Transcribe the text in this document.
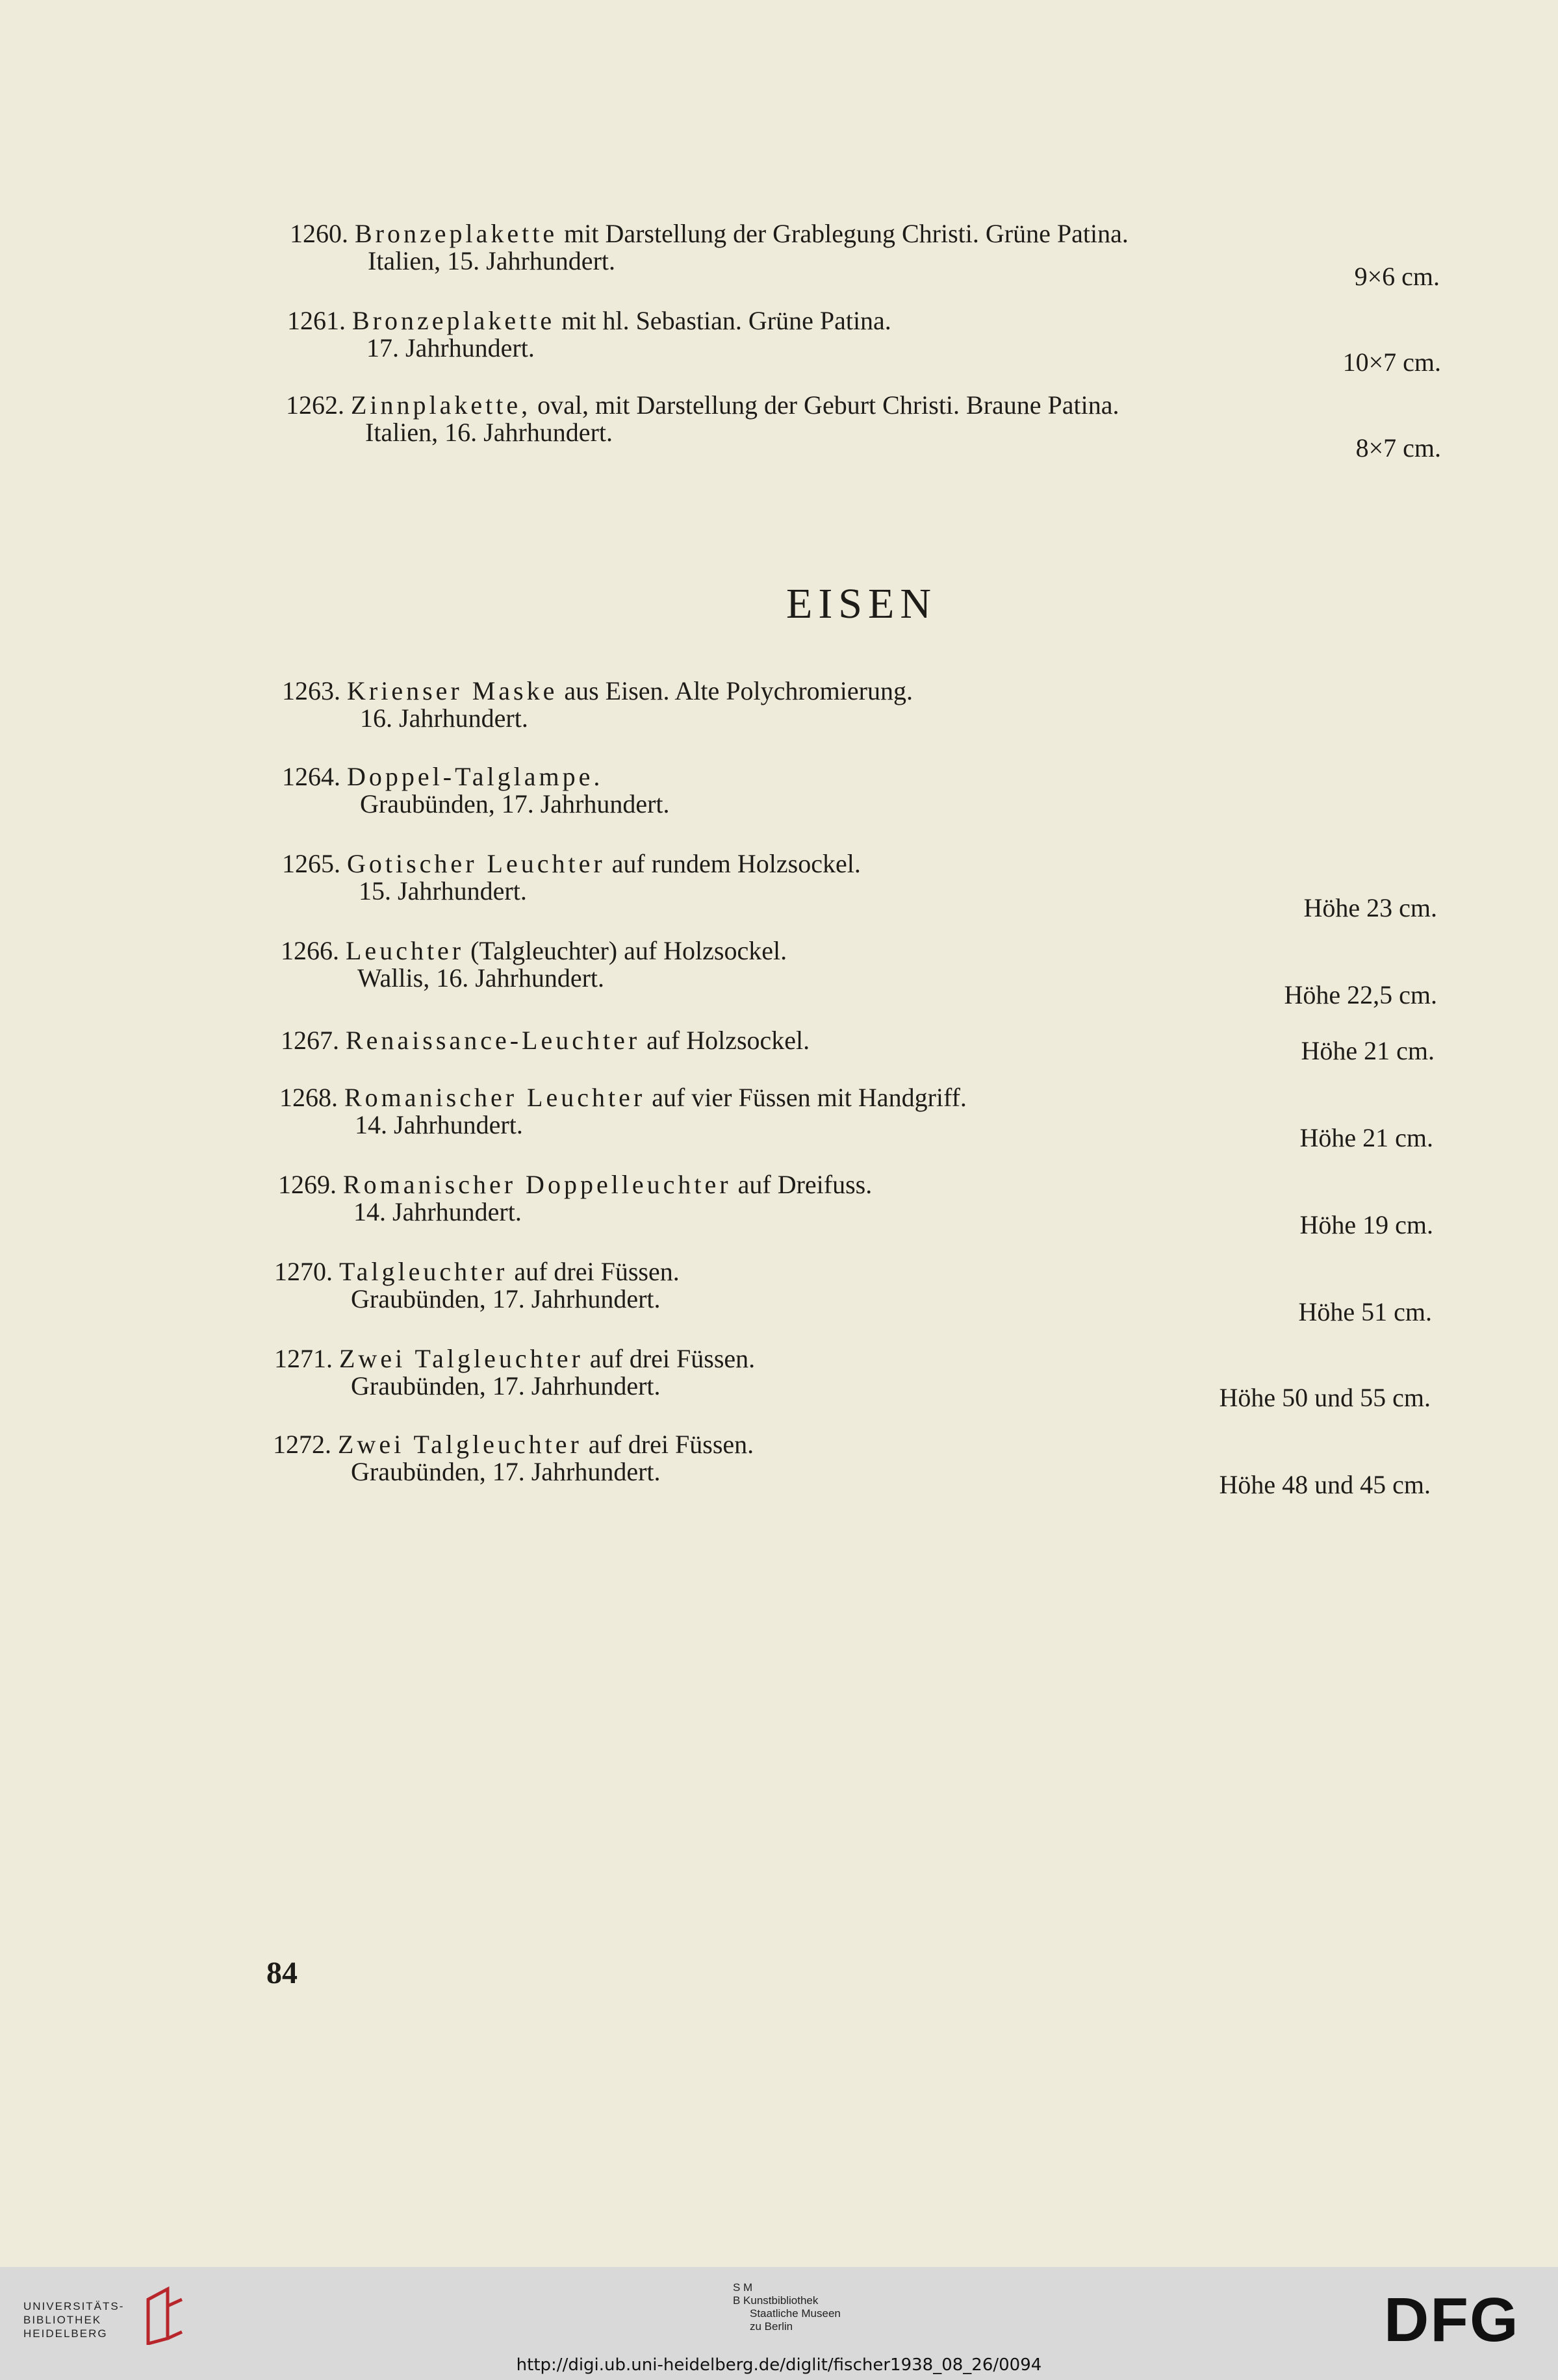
1260. Bronzeplakette mit Darstellung der Grablegung Christi. Grüne Patina.
Italien, 15. Jahrhundert.
9×6 cm.
1261. Bronzeplakette mit hl. Sebastian. Grüne Patina.
17. Jahrhundert.	10×7 cm.
1262. Zinnplakette, oval, mit Darstellung der Geburt Christi. Braune Patina.
Italien, 16. Jahrhundert.
8×7 cm.
EISEN
1263. Krienser Maske aus Eisen. Alte Polychromierung.
16. Jahrhundert.
1264. Doppel-Talglampe.
Graubünden, 17. Jahrhundert.
1265. Gotischer Leuchter auf rundem Holzsockel.
15. Jahrhundert.
Höhe 23 cm.
1266. Leuchter (Talgleuchter) auf Holzsockel.
Wallis, 16. Jahrhundert.
Höhe 22,5 cm.
1267. Renaissance-Leuchter auf Holzsockel.	Höhe 21 cm.
1268. Romanischer Leuchter auf vier Füssen mit Handgriff.
14. Jahrhundert.	Höhe 21 cm.
1269. Romanischer Doppelleuchter auf Dreifuss.
14. Jahrhundert.	Höhe 19 cm.
1270. Talgleuchter auf drei Füssen.
Graubünden, 17. Jahrhundert.	Höhe 51 cm.
1271. Zwei Talgleuchter auf drei Füssen.
Graubünden, 17. Jahrhundert.	Höhe 50 und 55 cm.
1272. Zwei Talgleuchter auf drei Füssen.
Graubünden, 17. Jahrhundert.	Höhe 48 und 45 cm.
84
UNIVERSITÄTS-
BIBLIOTHEK
HEIDELBERG
S M
B Kunstbibliothek
Staatliche Museen
zu Berlin	DFG
http://digi.ub.uni-heidelberg.de/diglit/fischer1938_08_26/0094
